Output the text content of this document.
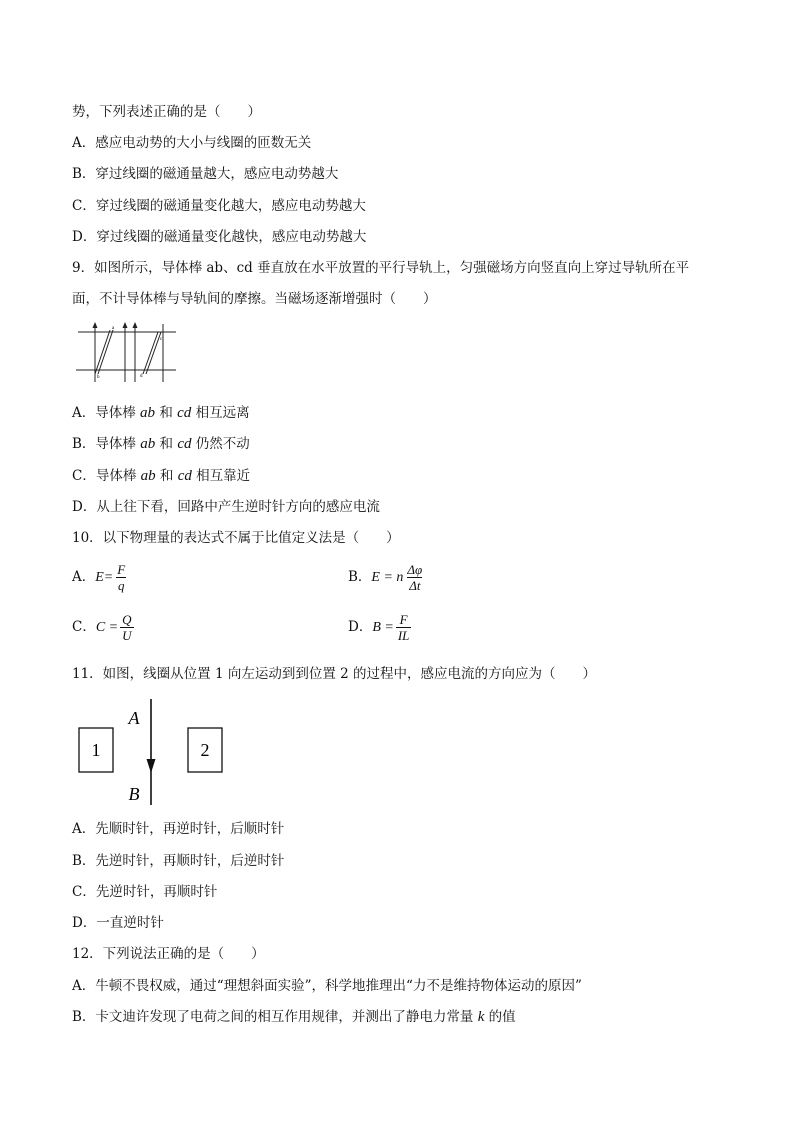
势，下列表述正确的是（　　）
A．感应电动势的大小与线圈的匝数无关
B．穿过线圈的磁通量越大，感应电动势越大
C．穿过线圈的磁通量变化越大，感应电动势越大
D．穿过线圈的磁通量变化越快，感应电动势越大
9．如图所示，导体棒 ab、cd 垂直放在水平放置的平行导轨上，匀强磁场方向竖直向上穿过导轨所在平
面，不计导体棒与导轨间的摩擦。当磁场逐渐增强时（　　）
a
b
c
d
A．导体棒 ab 和 cd 相互远离
B．导体棒 ab 和 cd 仍然不动
C．导体棒 ab 和 cd 相互靠近
D．从上往下看，回路中产生逆时针方向的感应电流
10．以下物理量的表达式不属于比值定义法是（　　）
A．$E= \frac{F}{q}$	B．E = n $\frac{\Delta\varphi}{\Delta t}$
C．$C = \frac{Q}{U}$	D．$B = \frac{F}{IL}$
11．如图，线圈从位置 1 向左运动到到位置 2 的过程中，感应电流的方向应为（　　）
1	2
A
B
A．先顺时针，再逆时针，后顺时针
B．先逆时针，再顺时针，后逆时针
C．先逆时针，再顺时针
D．一直逆时针
12．下列说法正确的是（　　）
A．牛顿不畏权威，通过“理想斜面实验”，科学地推理出“力不是维持物体运动的原因”
B．卡文迪许发现了电荷之间的相互作用规律，并测出了静电力常量 k 的值
